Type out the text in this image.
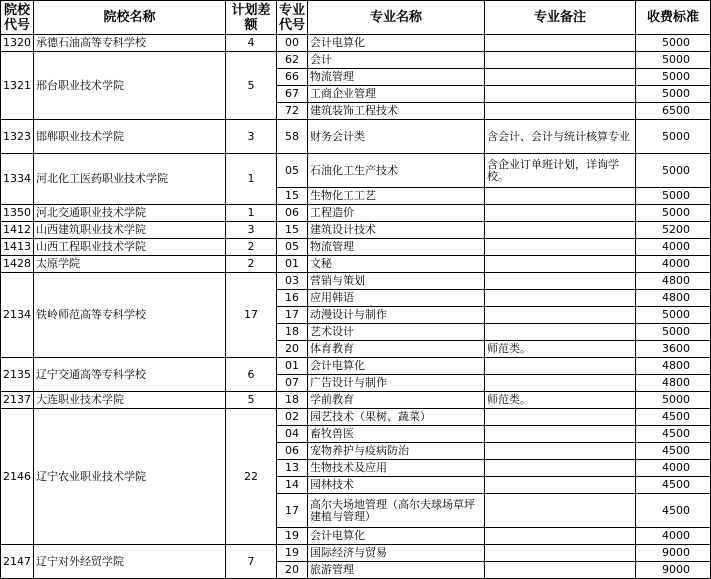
院校代号	院校名称	计划差额	专业代号	专业名称	专业备注	收费标准
1320	承德石油高等专科学校	4	00	会计电算化		5000
1321	邢台职业技术学院	5	62	会计		5000
			66	物流管理		5000
			67	工商企业管理		5000
			72	建筑装饰工程技术		6500
1323	邯郸职业技术学院	3	58	财务会计类	含会计、会计与统计核算专业	5000
1334	河北化工医药职业技术学院	1	05	石油化工生产技术	含企业订单班计划，详询学校。	5000
			15	生物化工工艺		5000
1350	河北交通职业技术学院	1	06	工程造价		5000
1412	山西建筑职业技术学院	3	15	建筑设计技术		5200
1413	山西工程职业技术学院	2	05	物流管理		4000
1428	太原学院	2	01	文秘		4000
2134	铁岭师范高等专科学校	17	03	营销与策划		4800
			16	应用韩语		4800
			17	动漫设计与制作		5000
			18	艺术设计		5000
			20	体育教育	师范类。	3600
2135	辽宁交通高等专科学校	6	01	会计电算化		4800
			07	广告设计与制作		4800
2137	大连职业技术学院	5	18	学前教育	师范类。	5000
2146	辽宁农业职业技术学院	22	02	园艺技术（果树、蔬菜）		4500
			04	畜牧兽医		4500
			06	宠物养护与疫病防治		4500
			13	生物技术及应用		4000
			14	园林技术		4500
			17	高尔夫场地管理（高尔夫球场草坪建植与管理）		4500
			19	会计电算化		4000
2147	辽宁对外经贸学院	7	19	国际经济与贸易		9000
			20	旅游管理		9000
